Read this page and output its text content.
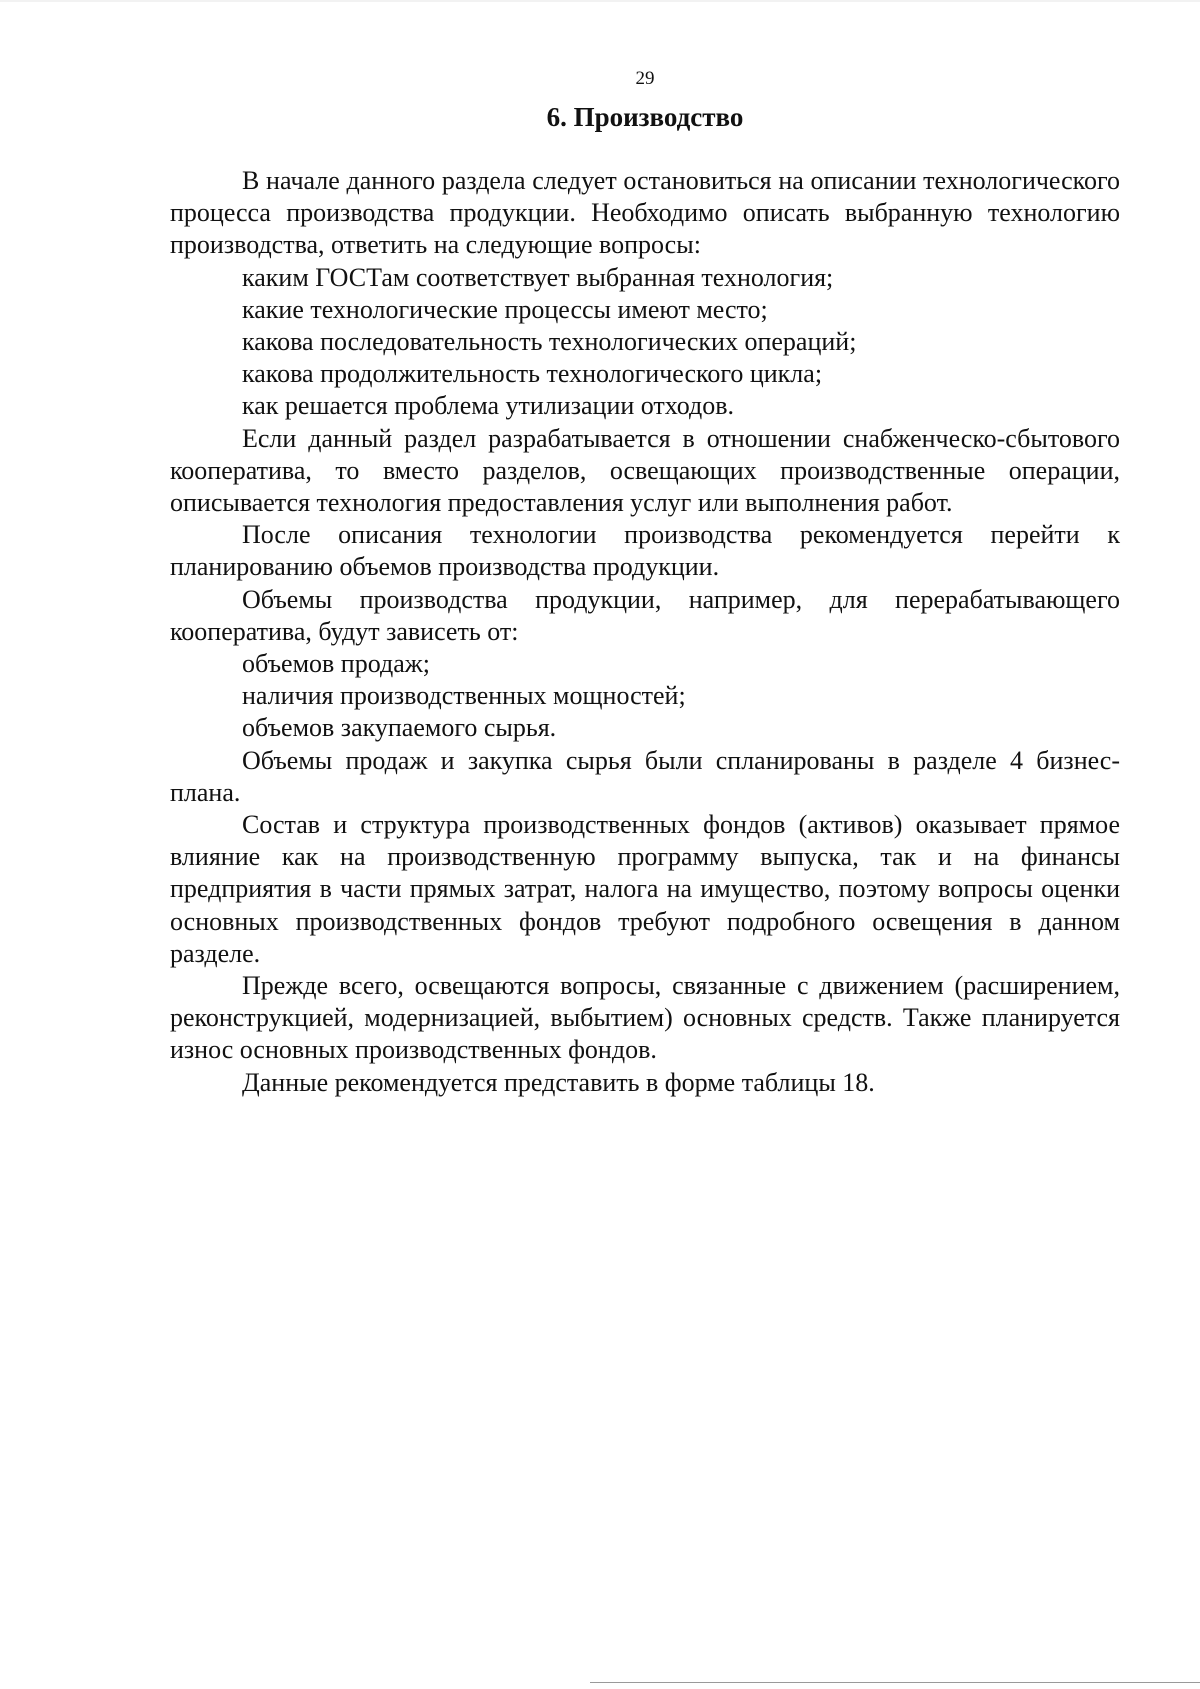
29
6. Производство

В начале данного раздела следует остановиться на описании технологического процесса производства продукции. Необходимо описать выбранную технологию производства, ответить на следующие вопросы:

каким ГОСТам соответствует выбранная технология;

какие технологические процессы имеют место;

какова последовательность технологических операций;

какова продолжительность технологического цикла;

как решается проблема утилизации отходов.

Если данный раздел разрабатывается в отношении снабженческо-сбытового кооператива, то вместо разделов, освещающих производственные операции, описывается технология предоставления услуг или выполнения работ.

После описания технологии производства рекомендуется перейти к планированию объемов производства продукции.

Объемы производства продукции, например, для перерабатывающего кооператива, будут зависеть от:

объемов продаж;

наличия производственных мощностей;

объемов закупаемого сырья.

Объемы продаж и закупка сырья были спланированы в разделе 4 бизнес-плана.

Состав и структура производственных фондов (активов) оказывает прямое влияние как на производственную программу выпуска, так и на финансы предприятия в части прямых затрат, налога на имущество, поэтому вопросы оценки основных производственных фондов требуют подробного освещения в данном разделе.

Прежде всего, освещаются вопросы, связанные с движением (расширением, реконструкцией, модернизацией, выбытием) основных средств. Также планируется износ основных производственных фондов.

Данные рекомендуется представить в форме таблицы 18.
